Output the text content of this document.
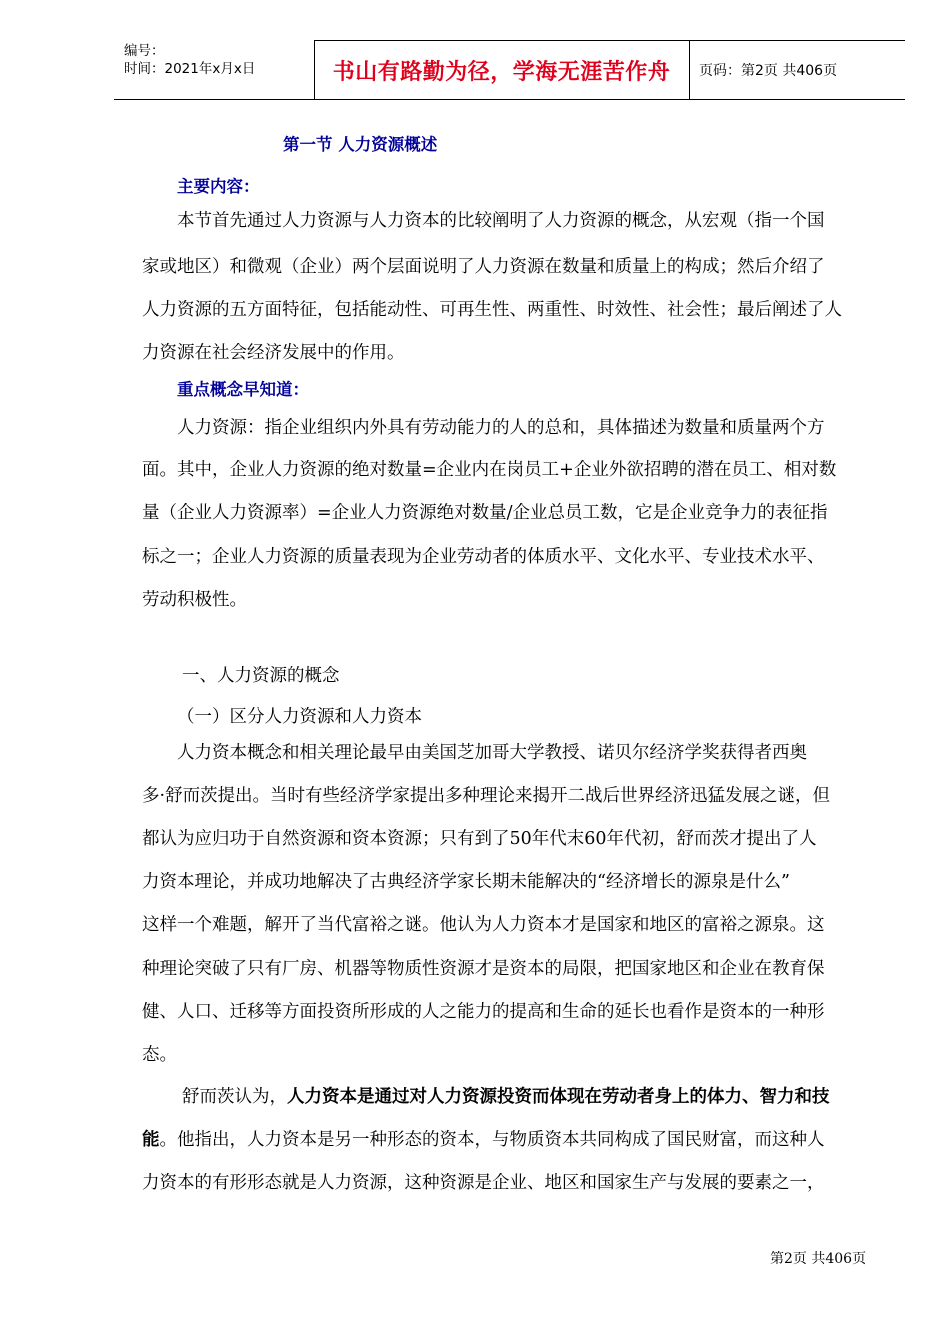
编号：
时间：2021年x月x日	书山有路勤为径，学海无涯苦作舟	页码：第2页 共406页
第一节 人力资源概述
主要内容：
本节首先通过人力资源与人力资本的比较阐明了人力资源的概念，从宏观（指一个国
家或地区）和微观（企业）两个层面说明了人力资源在数量和质量上的构成；然后介绍了
人力资源的五方面特征，包括能动性、可再生性、两重性、时效性、社会性；最后阐述了人
力资源在社会经济发展中的作用。
重点概念早知道：
人力资源：指企业组织内外具有劳动能力的人的总和，具体描述为数量和质量两个方
面。其中，企业人力资源的绝对数量=企业内在岗员工+企业外欲招聘的潜在员工、相对数
量（企业人力资源率）=企业人力资源绝对数量/企业总员工数，它是企业竞争力的表征指
标之一；企业人力资源的质量表现为企业劳动者的体质水平、文化水平、专业技术水平、
劳动积极性。
一、人力资源的概念
（一）区分人力资源和人力资本
人力资本概念和相关理论最早由美国芝加哥大学教授、诺贝尔经济学奖获得者西奥
多·舒而茨提出。当时有些经济学家提出多种理论来揭开二战后世界经济迅猛发展之谜，但
都认为应归功于自然资源和资本资源；只有到了50年代末60年代初，舒而茨才提出了人
力资本理论，并成功地解决了古典经济学家长期未能解决的“经济增长的源泉是什么”
这样一个难题，解开了当代富裕之谜。他认为人力资本才是国家和地区的富裕之源泉。这
种理论突破了只有厂房、机器等物质性资源才是资本的局限，把国家地区和企业在教育保
健、人口、迁移等方面投资所形成的人之能力的提高和生命的延长也看作是资本的一种形
态。
舒而茨认为，人力资本是通过对人力资源投资而体现在劳动者身上的体力、智力和技
能。他指出，人力资本是另一种形态的资本，与物质资本共同构成了国民财富，而这种人
力资本的有形形态就是人力资源，这种资源是企业、地区和国家生产与发展的要素之一，
第2页 共406页
